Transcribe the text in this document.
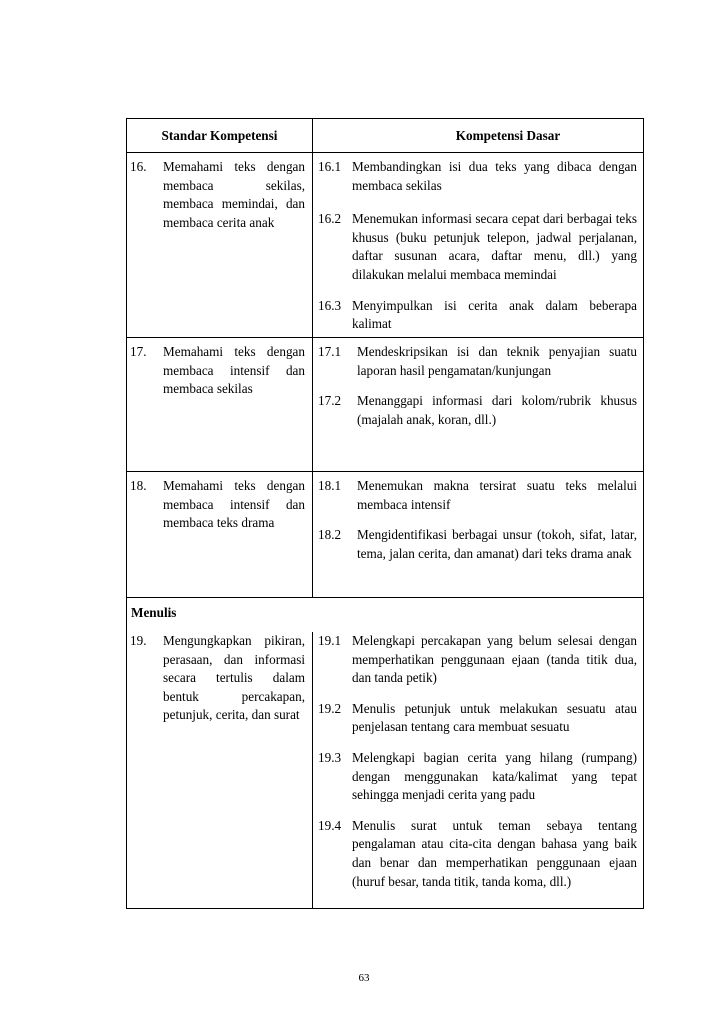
Standar Kompetensi	Kompetensi Dasar
16.	Memahami teks dengan membaca sekilas, membaca memindai, dan membaca cerita anak
16.1 Membandingkan isi dua teks yang dibaca dengan membaca sekilas
16.2 Menemukan informasi secara cepat dari berbagai teks khusus (buku petunjuk telepon, jadwal perjalanan, daftar susunan acara, daftar menu, dll.) yang dilakukan melalui membaca memindai
16.3 Menyimpulkan isi cerita anak dalam beberapa kalimat
17.	Memahami teks dengan membaca intensif dan membaca sekilas
17.1	Mendeskripsikan isi dan teknik penyajian suatu laporan hasil pengamatan/kunjungan
17.2	Menanggapi informasi dari kolom/rubrik khusus (majalah anak, koran, dll.)
18.	Memahami teks dengan membaca intensif dan membaca teks drama
18.1	Menemukan makna tersirat suatu teks melalui membaca intensif
18.2	Mengidentifikasi berbagai unsur (tokoh, sifat, latar, tema, jalan cerita, dan amanat) dari teks drama anak
Menulis
19.	Mengungkapkan pikiran, perasaan, dan informasi secara tertulis dalam bentuk percakapan, petunjuk, cerita, dan surat
19.1 Melengkapi percakapan yang belum selesai dengan memperhatikan penggunaan ejaan (tanda titik dua, dan tanda petik)
19.2 Menulis petunjuk untuk melakukan sesuatu atau penjelasan tentang cara membuat sesuatu
19.3 Melengkapi bagian cerita yang hilang (rumpang) dengan menggunakan kata/kalimat yang tepat sehingga menjadi cerita yang padu
19.4 Menulis surat untuk teman sebaya tentang pengalaman atau cita-cita dengan bahasa yang baik dan benar dan memperhatikan penggunaan ejaan (huruf besar, tanda titik, tanda koma, dll.)
63
